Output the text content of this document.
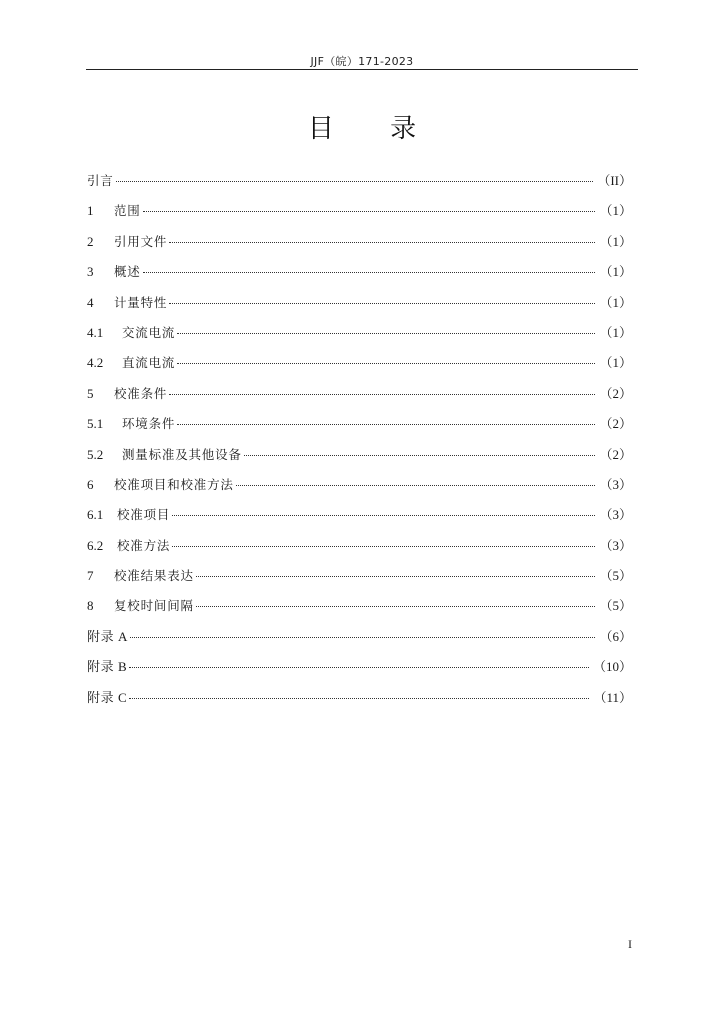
JJF（皖）171-2023
目 录
引言	（II）
1	范围	（1）
2	引用文件	（1）
3	概述	（1）
4	计量特性	（1）
4.1	交流电流	（1）
4.2	直流电流	（1）
5	校准条件	（2）
5.1	环境条件	（2）
5.2	测量标准及其他设备	（2）
6	校准项目和校准方法	（3）
6.1	校准项目	（3）
6.2	校准方法	（3）
7	校准结果表达	（5）
8	复校时间间隔	（5）
附录 A	（6）
附录 B	（10）
附录 C	（11）
I
